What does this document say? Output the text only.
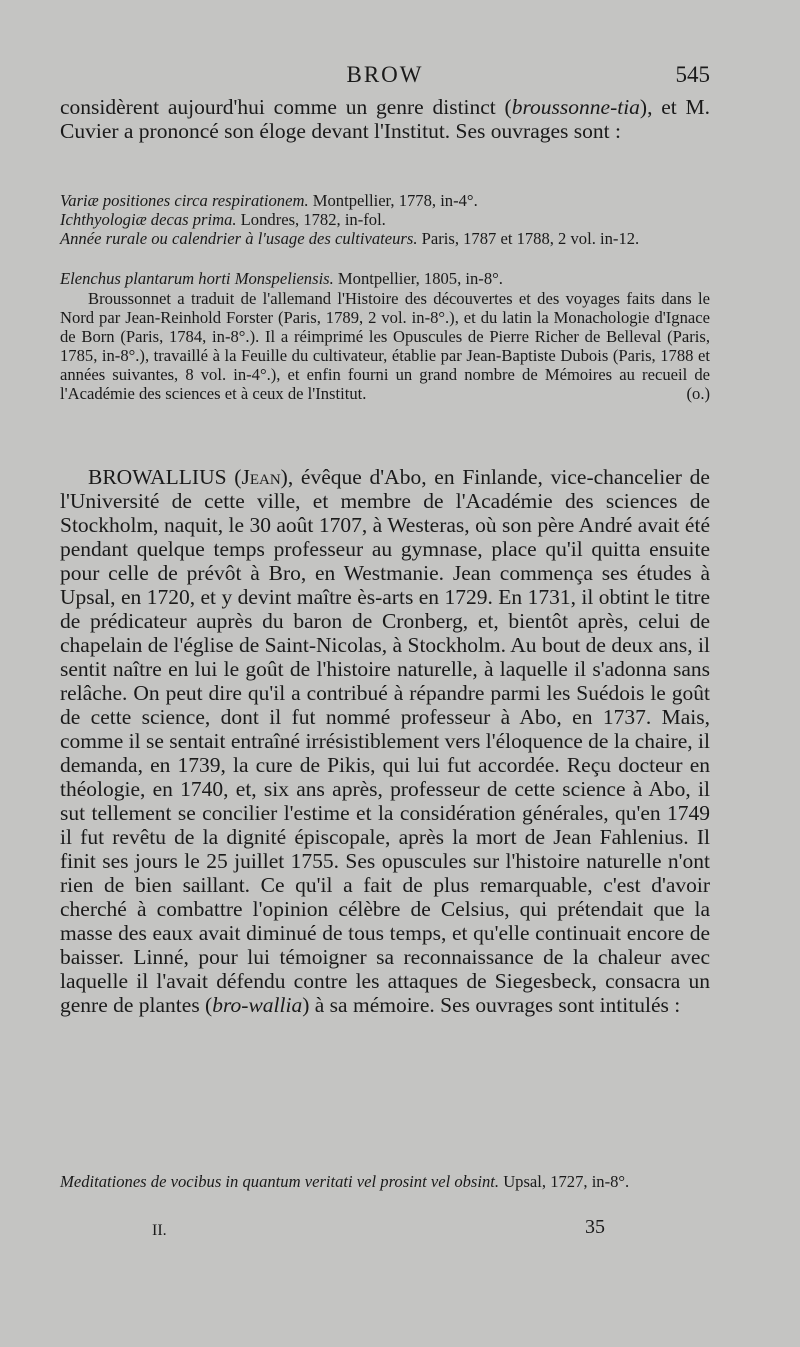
BROW	545

considèrent aujourd'hui comme un genre distinct (broussonne-tia), et M. Cuvier a prononcé son éloge devant l'Institut. Ses ouvrages sont :

Variæ positiones circa respirationem. Montpellier, 1778, in-4°.

Ichthyologiæ decas prima. Londres, 1782, in-fol.

Année rurale ou calendrier à l'usage des cultivateurs. Paris, 1787 et 1788, 2 vol. in-12.

Elenchus plantarum horti Monspeliensis. Montpellier, 1805, in-8°.

Broussonnet a traduit de l'allemand l'Histoire des découvertes et des voyages faits dans le Nord par Jean-Reinhold Forster (Paris, 1789, 2 vol. in-8°.), et du latin la Monachologie d'Ignace de Born (Paris, 1784, in-8°.). Il a réimprimé les Opuscules de Pierre Richer de Belleval (Paris, 1785, in-8°.), travaillé à la Feuille du cultivateur, établie par Jean-Baptiste Dubois (Paris, 1788 et années suivantes, 8 vol. in-4°.), et enfin fourni un grand nombre de Mémoires au recueil de l'Académie des sciences et à ceux de l'Institut.	(o.)

BROWALLIUS (Jean), évêque d'Abo, en Finlande, vice-chancelier de l'Université de cette ville, et membre de l'Académie des sciences de Stockholm, naquit, le 30 août 1707, à Westeras, où son père André avait été pendant quelque temps professeur au gymnase, place qu'il quitta ensuite pour celle de prévôt à Bro, en Westmanie. Jean commença ses études à Upsal, en 1720, et y devint maître ès-arts en 1729. En 1731, il obtint le titre de prédicateur auprès du baron de Cronberg, et, bientôt après, celui de chapelain de l'église de Saint-Nicolas, à Stockholm. Au bout de deux ans, il sentit naître en lui le goût de l'histoire naturelle, à laquelle il s'adonna sans relâche. On peut dire qu'il a contribué à répandre parmi les Suédois le goût de cette science, dont il fut nommé professeur à Abo, en 1737. Mais, comme il se sentait entraîné irrésistiblement vers l'éloquence de la chaire, il demanda, en 1739, la cure de Pikis, qui lui fut accordée. Reçu docteur en théologie, en 1740, et, six ans après, professeur de cette science à Abo, il sut tellement se concilier l'estime et la considération générales, qu'en 1749 il fut revêtu de la dignité épiscopale, après la mort de Jean Fahlenius. Il finit ses jours le 25 juillet 1755. Ses opuscules sur l'histoire naturelle n'ont rien de bien saillant. Ce qu'il a fait de plus remarquable, c'est d'avoir cherché à combattre l'opinion célèbre de Celsius, qui prétendait que la masse des eaux avait diminué de tous temps, et qu'elle continuait encore de baisser. Linné, pour lui témoigner sa reconnaissance de la chaleur avec laquelle il l'avait défendu contre les attaques de Siegesbeck, consacra un genre de plantes (bro-wallia) à sa mémoire. Ses ouvrages sont intitulés :

Meditationes de vocibus in quantum veritati vel prosint vel obsint. Upsal, 1727, in-8°.

II.	35
